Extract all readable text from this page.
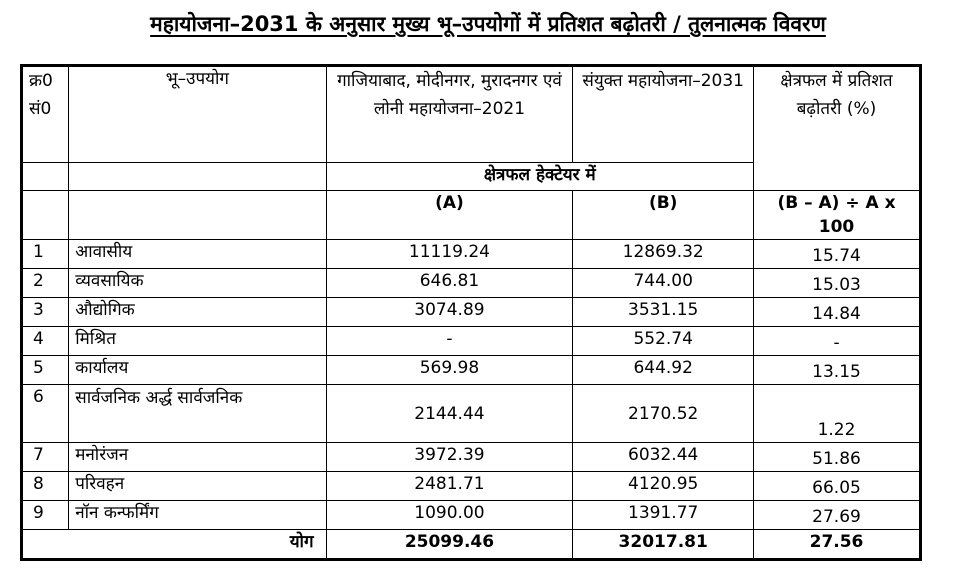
महायोजना–2031 के अनुसार मुख्य भू–उपयोगों में प्रतिशत बढ़ोतरी / तुलनात्मक विवरण
क्र0 सं0	भू–उपयोग	गाजियाबाद, मोदीनगर, मुरादनगर एवं लोनी महायोजना–2021	संयुक्त महायोजना–2031	क्षेत्रफल में प्रतिशत बढ़ोतरी (%)
		क्षेत्रफल हेक्टेयर में		
		(A)	(B)	(B – A) ÷ A x 100
1	आवासीय	11119.24	12869.32	15.74
2	व्यवसायिक	646.81	744.00	15.03
3	औद्योगिक	3074.89	3531.15	14.84
4	मिश्रित	-	552.74	-
5	कार्यालय	569.98	644.92	13.15
6	सार्वजनिक अर्द्ध सार्वजनिक	2144.44	2170.52	1.22
7	मनोरंजन	3972.39	6032.44	51.86
8	परिवहन	2481.71	4120.95	66.05
9	नॉन कन्फर्मिंग	1090.00	1391.77	27.69
योग		25099.46	32017.81	27.56
